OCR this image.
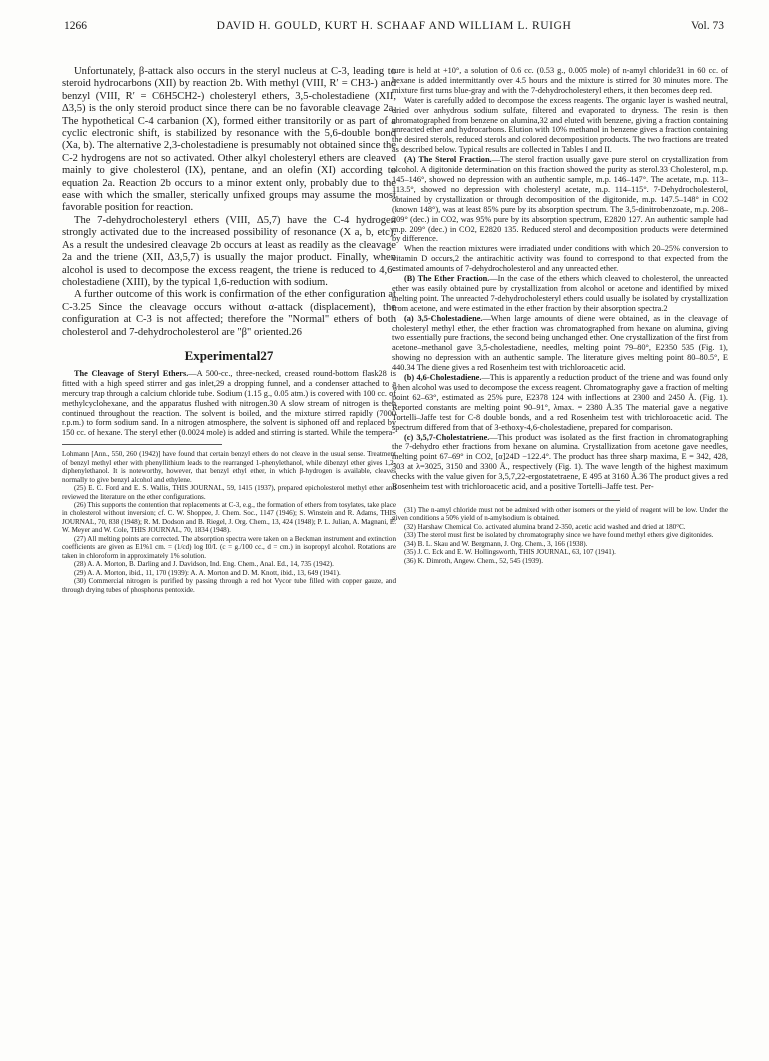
1266	DAVID H. GOULD, KURT H. SCHAAF AND WILLIAM L. RUIGH	Vol. 73

Unfortunately, β-attack also occurs in the steryl nucleus at C-3, leading to steroid hydrocarbons (XII) by reaction 2b. With methyl (VIII, R′ = CH3-) and benzyl (VIII, R′ = C6H5CH2-) cholesteryl ethers, 3,5-cholestadiene (XII, Δ3,5) is the only steroid product since there can be no favorable cleavage 2a. The hypothetical C-4 carbanion (X), formed either transitorily or as part of a cyclic electronic shift, is stabilized by resonance with the 5,6-double bond (Xa, b). The alternative 2,3-cholestadiene is presumably not obtained since the C-2 hydrogens are not so activated. Other alkyl cholesteryl ethers are cleaved mainly to give cholesterol (IX), pentane, and an olefin (XI) according to equation 2a. Reaction 2b occurs to a minor extent only, probably due to the ease with which the smaller, sterically unfixed groups may assume the most favorable position for reaction.

The 7-dehydrocholesteryl ethers (VIII, Δ5,7) have the C-4 hydrogen strongly activated due to the increased possibility of resonance (X a, b, etc). As a result the undesired cleavage 2b occurs at least as readily as the cleavage 2a and the triene (XII, Δ3,5,7) is usually the major product. Finally, when alcohol is used to decompose the excess reagent, the triene is reduced to 4,6-cholestadiene (XIII), by the typical 1,6-reduction with sodium.

A further outcome of this work is confirmation of the ether configuration at C-3.25 Since the cleavage occurs without α-attack (displacement), the configuration at C-3 is not affected; therefore the "Normal" ethers of both cholesterol and 7-dehydrocholesterol are "β" oriented.26

Experimental27

The Cleavage of Steryl Ethers.—A 500-cc., three-necked, creased round-bottom flask28 is fitted with a high speed stirrer and gas inlet,29 a dropping funnel, and a condenser attached to a mercury trap through a calcium chloride tube. Sodium (1.15 g., 0.05 atm.) is covered with 100 cc. of methylcyclohexane, and the apparatus flushed with nitrogen.30 A slow stream of nitrogen is then continued throughout the reaction. The solvent is boiled, and the mixture stirred rapidly (7000 r.p.m.) to form sodium sand. In a nitrogen atmosphere, the solvent is siphoned off and replaced by 150 cc. of hexane. The steryl ether (0.0024 mole) is added and stirring is started. While the tempera-

Lohmann [Ann., 550, 260 (1942)] have found that certain benzyl ethers do not cleave in the usual sense. Treatment of benzyl methyl ether with phenyllithium leads to the rearranged 1-phenylethanol, while dibenzyl ether gives 1,2-diphenylethanol. It is noteworthy, however, that benzyl ethyl ether, in which β-hydrogen is available, cleaves normally to give benzyl alcohol and ethylene.

(25) E. C. Ford and E. S. Wallis, THIS JOURNAL, 59, 1415 (1937), prepared epicholesterol methyl ether and reviewed the literature on the ether configurations.

(26) This supports the contention that replacements at C-3, e.g., the formation of ethers from tosylates, take place in cholesterol without inversion; cf. C. W. Shoppee, J. Chem. Soc., 1147 (1946); S. Winstein and R. Adams, THIS JOURNAL, 70, 838 (1948); R. M. Dodson and B. Riegel, J. Org. Chem., 13, 424 (1948); P. L. Julian, A. Magnani, E. W. Meyer and W. Cole, THIS JOURNAL, 70, 1834 (1948).

(27) All melting points are corrected. The absorption spectra were taken on a Beckman instrument and extinction coefficients are given as E1%1 cm. = (1/cd) log I0/I. (c = g./100 cc., d = cm.) in isopropyl alcohol. Rotations are taken in chloroform in approximately 1% solution.

(28) A. A. Morton, B. Darling and J. Davidson, Ind. Eng. Chem., Anal. Ed., 14, 735 (1942).

(29) A. A. Morton, ibid., 11, 170 (1939): A. A. Morton and D. M. Knott, ibid., 13, 649 (1941).

(30) Commercial nitrogen is purified by passing through a red hot Vycor tube filled with copper gauze, and through drying tubes of phosphorus pentoxide.

ture is held at +10°, a solution of 0.6 cc. (0.53 g., 0.005 mole) of n-amyl chloride31 in 60 cc. of hexane is added intermittantly over 4.5 hours and the mixture is stirred for 30 minutes more. The mixture first turns blue-gray and with the 7-dehydrocholesteryl ethers, it then becomes deep red.

Water is carefully added to decompose the excess reagents. The organic layer is washed neutral, dried over anhydrous sodium sulfate, filtered and evaporated to dryness. The resin is then chromatographed from benzene on alumina,32 and eluted with benzene, giving a fraction containing unreacted ether and hydrocarbons. Elution with 10% methanol in benzene gives a fraction containing the desired sterols, reduced sterols and colored decomposition products. The two fractions are treated as described below. Typical results are collected in Tables I and II.

(A) The Sterol Fraction.—The sterol fraction usually gave pure sterol on crystallization from alcohol. A digitonide determination on this fraction showed the purity as sterol.33 Cholesterol, m.p. 145–146°, showed no depression with an authentic sample, m.p. 146–147°. The acetate, m.p. 113–113.5°, showed no depression with cholesteryl acetate, m.p. 114–115°. 7-Dehydrocholesterol, obtained by crystallization or through decomposition of the digitonide, m.p. 147.5–148° in CO2 (known 148°), was at least 85% pure by its absorption spectrum. The 3,5-dinitrobenzoate, m.p. 208–209° (dec.) in CO2, was 95% pure by its absorption spectrum, E2820 127. An authentic sample had m.p. 209° (dec.) in CO2, E2820 135. Reduced sterol and decomposition products were determined by difference.

When the reaction mixtures were irradiated under conditions with which 20–25% conversion to vitamin D occurs,2 the antirachitic activity was found to correspond to that expected from the estimated amounts of 7-dehydrocholesterol and any unreacted ether.

(B) The Ether Fraction.—In the case of the ethers which cleaved to cholesterol, the unreacted ether was easily obtained pure by crystallization from alcohol or acetone and identified by mixed melting point. The unreacted 7-dehydrocholesteryl ethers could usually be isolated by crystallization from acetone, and were estimated in the ether fraction by their absorption spectra.2

(a) 3,5-Cholestadiene.—When large amounts of diene were obtained, as in the cleavage of cholesteryl methyl ether, the ether fraction was chromatographed from hexane on alumina, giving two essentially pure fractions, the second being unchanged ether. One crystallization of the first from acetone–methanol gave 3,5-cholestadiene, needles, melting point 79–80°, E2350 535 (Fig. 1), showing no depression with an authentic sample. The literature gives melting point 80–80.5°, E 440.34 The diene gives a red Rosenheim test with trichloroacetic acid.

(b) 4,6-Cholestadiene.—This is apparently a reduction product of the triene and was found only when alcohol was used to decompose the excess reagent. Chromatography gave a fraction of melting point 62–63°, estimated as 25% pure, E2378 124 with inflections at 2300 and 2450 Å. (Fig. 1). Reported constants are melting point 90–91°, λmax. = 2380 Å.35 The material gave a negative Tortelli–Jaffe test for C-8 double bonds, and a red Rosenheim test with trichloroacetic acid. The spectrum differed from that of 3-ethoxy-4,6-cholestadiene, prepared for comparison.

(c) 3,5,7-Cholestatriene.—This product was isolated as the first fraction in chromatographing the 7-dehydro ether fractions from hexane on alumina. Crystallization from acetone gave needles, melting point 67–69° in CO2, [α]24D −122.4°. The product has three sharp maxima, E = 342, 428, 303 at λ=3025, 3150 and 3300 Å., respectively (Fig. 1). The wave length of the highest maximum checks with the value given for 3,5,7,22-ergostatetraene, E 495 at 3160 Å.36 The product gives a red Rosenheim test with trichloroacetic acid, and a positive Tortelli–Jaffe test. Per-

(31) The n-amyl chloride must not be admixed with other isomers or the yield of reagent will be low. Under the given conditions a 50% yield of n-amylsodium is obtained.

(32) Harshaw Chemical Co. activated alumina brand 2-350, acetic acid washed and dried at 180°C.

(33) The sterol must first be isolated by chromatography since we have found methyl ethers give digitonides.

(34) B. L. Skau and W. Bergmann, J. Org. Chem., 3, 166 (1938).

(35) J. C. Eck and E. W. Hollingsworth, THIS JOURNAL, 63, 107 (1941).

(36) K. Dimroth, Angew. Chem., 52, 545 (1939).
